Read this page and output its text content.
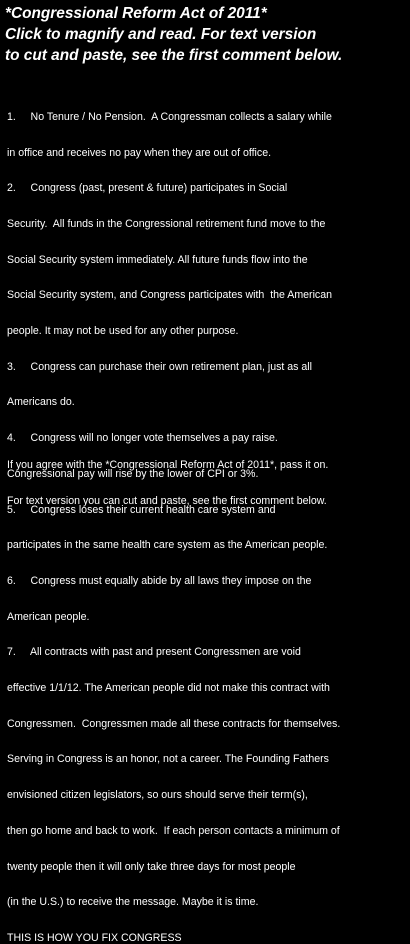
*Congressional Reform Act of 2011*
Click to magnify and read. For text version
to cut and paste, see the first comment below.

1.     No Tenure / No Pension.  A Congressman collects a salary while

in office and receives no pay when they are out of office.

2.     Congress (past, present & future) participates in Social

Security.  All funds in the Congressional retirement fund move to the

Social Security system immediately. All future funds flow into the

Social Security system, and Congress participates with  the American

people. It may not be used for any other purpose.

3.     Congress can purchase their own retirement plan, just as all

Americans do.

4.     Congress will no longer vote themselves a pay raise.

Congressional pay will rise by the lower of CPI or 3%.

5.     Congress loses their current health care system and

participates in the same health care system as the American people.

6.     Congress must equally abide by all laws they impose on the

American people.

7.     All contracts with past and present Congressmen are void

effective 1/1/12. The American people did not make this contract with

Congressmen.  Congressmen made all these contracts for themselves.

Serving in Congress is an honor, not a career. The Founding Fathers

envisioned citizen legislators, so ours should serve their term(s),

then go home and back to work.  If each person contacts a minimum of

twenty people then it will only take three days for most people

(in the U.S.) to receive the message. Maybe it is time.

THIS IS HOW YOU FIX CONGRESS

If you agree with the *Congressional Reform Act of 2011*, pass it on.

For text version you can cut and paste, see the first comment below.
